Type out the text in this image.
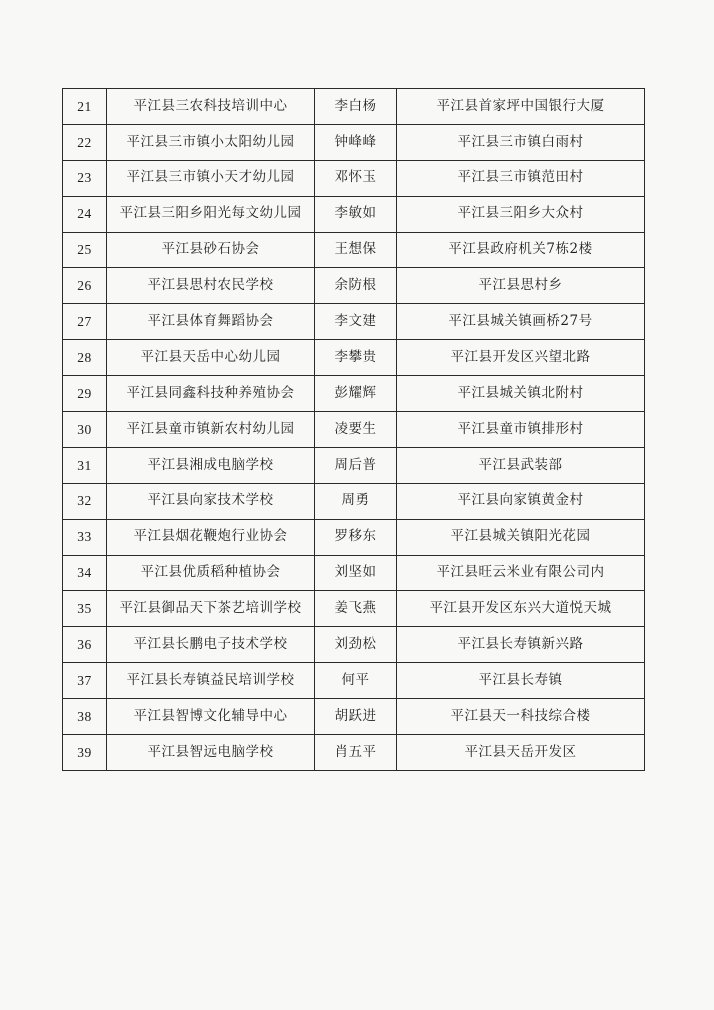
21	平江县三农科技培训中心	李白杨	平江县首家坪中国银行大厦
22	平江县三市镇小太阳幼儿园	钟峰峰	平江县三市镇白雨村
23	平江县三市镇小天才幼儿园	邓怀玉	平江县三市镇范田村
24	平江县三阳乡阳光每文幼儿园	李敏如	平江县三阳乡大众村
25	平江县砂石协会	王想保	平江县政府机关7栋2楼
26	平江县思村农民学校	余防根	平江县思村乡
27	平江县体育舞蹈协会	李文建	平江县城关镇画桥27号
28	平江县天岳中心幼儿园	李攀贵	平江县开发区兴望北路
29	平江县同鑫科技种养殖协会	彭耀辉	平江县城关镇北附村
30	平江县童市镇新农村幼儿园	凌要生	平江县童市镇排形村
31	平江县湘成电脑学校	周后普	平江县武装部
32	平江县向家技术学校	周勇	平江县向家镇黄金村
33	平江县烟花鞭炮行业协会	罗移东	平江县城关镇阳光花园
34	平江县优质稻种植协会	刘坚如	平江县旺云米业有限公司内
35	平江县御品天下茶艺培训学校	姜飞燕	平江县开发区东兴大道悦天城
36	平江县长鹏电子技术学校	刘劲松	平江县长寿镇新兴路
37	平江县长寿镇益民培训学校	何平	平江县长寿镇
38	平江县智博文化辅导中心	胡跃进	平江县天一科技综合楼
39	平江县智远电脑学校	肖五平	平江县天岳开发区
